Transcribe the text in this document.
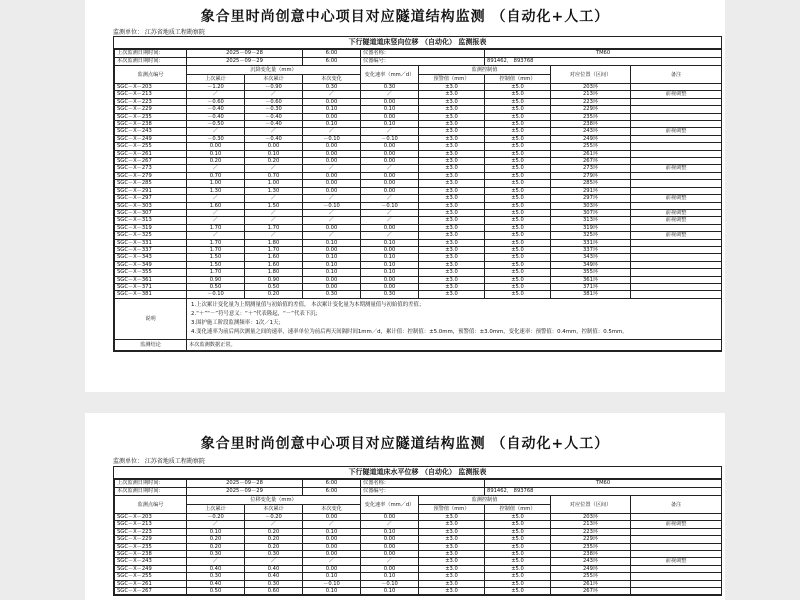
象合里时尚创意中心项目对应隧道结构监测 （自动化+人工）
监测单位： 江苏省地质工程勘察院
下行隧道道床竖向位移 （自动化） 监测报表
上次监测日期时间：	2025－09－28		6:00	仪器名称：		TM60		
本次监测日期时间：	2025－09－29		6:00	仪器编号：		891462， 893768		
监测点编号	沉降变化量（mm）			变化速率（mm／d）	监测控制值		对应位置（区间）	备注
	上次累计	本次累计	本次变化		预警值（mm）	控制值（mm）		
SGC－X－203	－1.20	－0.90	0.30	0.30	±3.0	±5.0	203环	
SGC－X－213	／	／	／	／	±3.0	±5.0	213环	前视调整
SGC－X－223	－0.60	－0.60	0.00	0.00	±3.0	±5.0	223环	
SGC－X－229	－0.40	－0.30	0.10	0.10	±3.0	±5.0	229环	
SGC－X－235	－0.40	－0.40	0.00	0.00	±3.0	±5.0	235环	
SGC－X－238	－0.50	－0.40	0.10	0.10	±3.0	±5.0	238环	
SGC－X－243	／	／	／	／	±3.0	±5.0	243环	前视调整
SGC－X－249	－0.30	－0.40	－0.10	－0.10	±3.0	±5.0	249环	
SGC－X－255	0.00	0.00	0.00	0.00	±3.0	±5.0	255环	
SGC－X－261	0.10	0.10	0.00	0.00	±3.0	±5.0	261环	
SGC－X－267	0.20	0.20	0.00	0.00	±3.0	±5.0	267环	
SGC－X－273	／	／	／	／	±3.0	±5.0	273环	前视调整
SGC－X－279	0.70	0.70	0.00	0.00	±3.0	±5.0	279环	
SGC－X－285	1.00	1.00	0.00	0.00	±3.0	±5.0	285环	
SGC－X－291	1.30	1.30	0.00	0.00	±3.0	±5.0	291环	
SGC－X－297	／	／	／	／	±3.0	±5.0	297环	前视调整
SGC－X－303	1.60	1.50	－0.10	－0.10	±3.0	±5.0	303环	
SGC－X－307	／	／	／	／	±3.0	±5.0	307环	前视调整
SGC－X－313	／	／	／	／	±3.0	±5.0	313环	前视调整
SGC－X－319	1.70	1.70	0.00	0.00	±3.0	±5.0	319环	
SGC－X－325	／	／	／	／	±3.0	±5.0	325环	前视调整
SGC－X－331	1.70	1.80	0.10	0.10	±3.0	±5.0	331环	
SGC－X－337	1.70	1.70	0.00	0.00	±3.0	±5.0	337环	
SGC－X－343	1.50	1.60	0.10	0.10	±3.0	±5.0	343环	
SGC－X－349	1.50	1.60	0.10	0.10	±3.0	±5.0	349环	
SGC－X－355	1.70	1.80	0.10	0.10	±3.0	±5.0	355环	
SGC－X－361	0.90	0.90	0.00	0.00	±3.0	±5.0	361环	
SGC－X－371	0.50	0.50	0.00	0.00	±3.0	±5.0	371环	
SGC－X－381	－0.10	0.20	0.30	0.30	±3.0	±5.0	381环	
说明	1.上次累计变化量为上期测量值与初始值的差值， 本次累计变化量为本期测量值与初始值的差值；
2.“＋”“－”符号意义：“＋”代表隆起，“－”代表下沉；
3.围护施工阶段监测频率：1次／1天；
4.变化速率为前后两次测量之间的速率，速率单位为前后两天间隔时间1mm／d，累计值：控制值：±5.0mm，预警值：±3.0mm，变化速率：预警值：0.4mm，控制值：0.5mm。							

监测结论	本次监测数据正常。							
象合里时尚创意中心项目对应隧道结构监测 （自动化+人工）
监测单位： 江苏省地质工程勘察院
下行隧道道床水平位移 （自动化） 监测报表
上次监测日期时间：	2025－09－28		6:00	仪器名称：		TM60		
本次监测日期时间：	2025－09－29		6:00	仪器编号：		891462， 893768		
监测点编号	位移变化量（mm）			变化速率（mm／d）	监测控制值		对应位置（区间）	备注
	上次累计	本次累计	本次变化		预警值（mm）	控制值（mm）		
SGC－X－203	－0.20	－0.20	0.00	0.00	±3.0	±5.0	203环	
SGC－X－213	／	／	／	／	±3.0	±5.0	213环	前视调整
SGC－X－223	0.10	0.20	0.10	0.10	±3.0	±5.0	223环	
SGC－X－229	0.20	0.20	0.00	0.00	±3.0	±5.0	229环	
SGC－X－235	0.20	0.20	0.00	0.00	±3.0	±5.0	235环	
SGC－X－238	0.30	0.30	0.00	0.00	±3.0	±5.0	238环	
SGC－X－243	／	／	／	／	±3.0	±5.0	243环	前视调整
SGC－X－249	0.40	0.40	0.00	0.00	±3.0	±5.0	249环	
SGC－X－255	0.30	0.40	0.10	0.10	±3.0	±5.0	255环	
SGC－X－261	0.40	0.30	－0.10	－0.10	±3.0	±5.0	261环	
SGC－X－267	0.50	0.60	0.10	0.10	±3.0	±5.0	267环	
